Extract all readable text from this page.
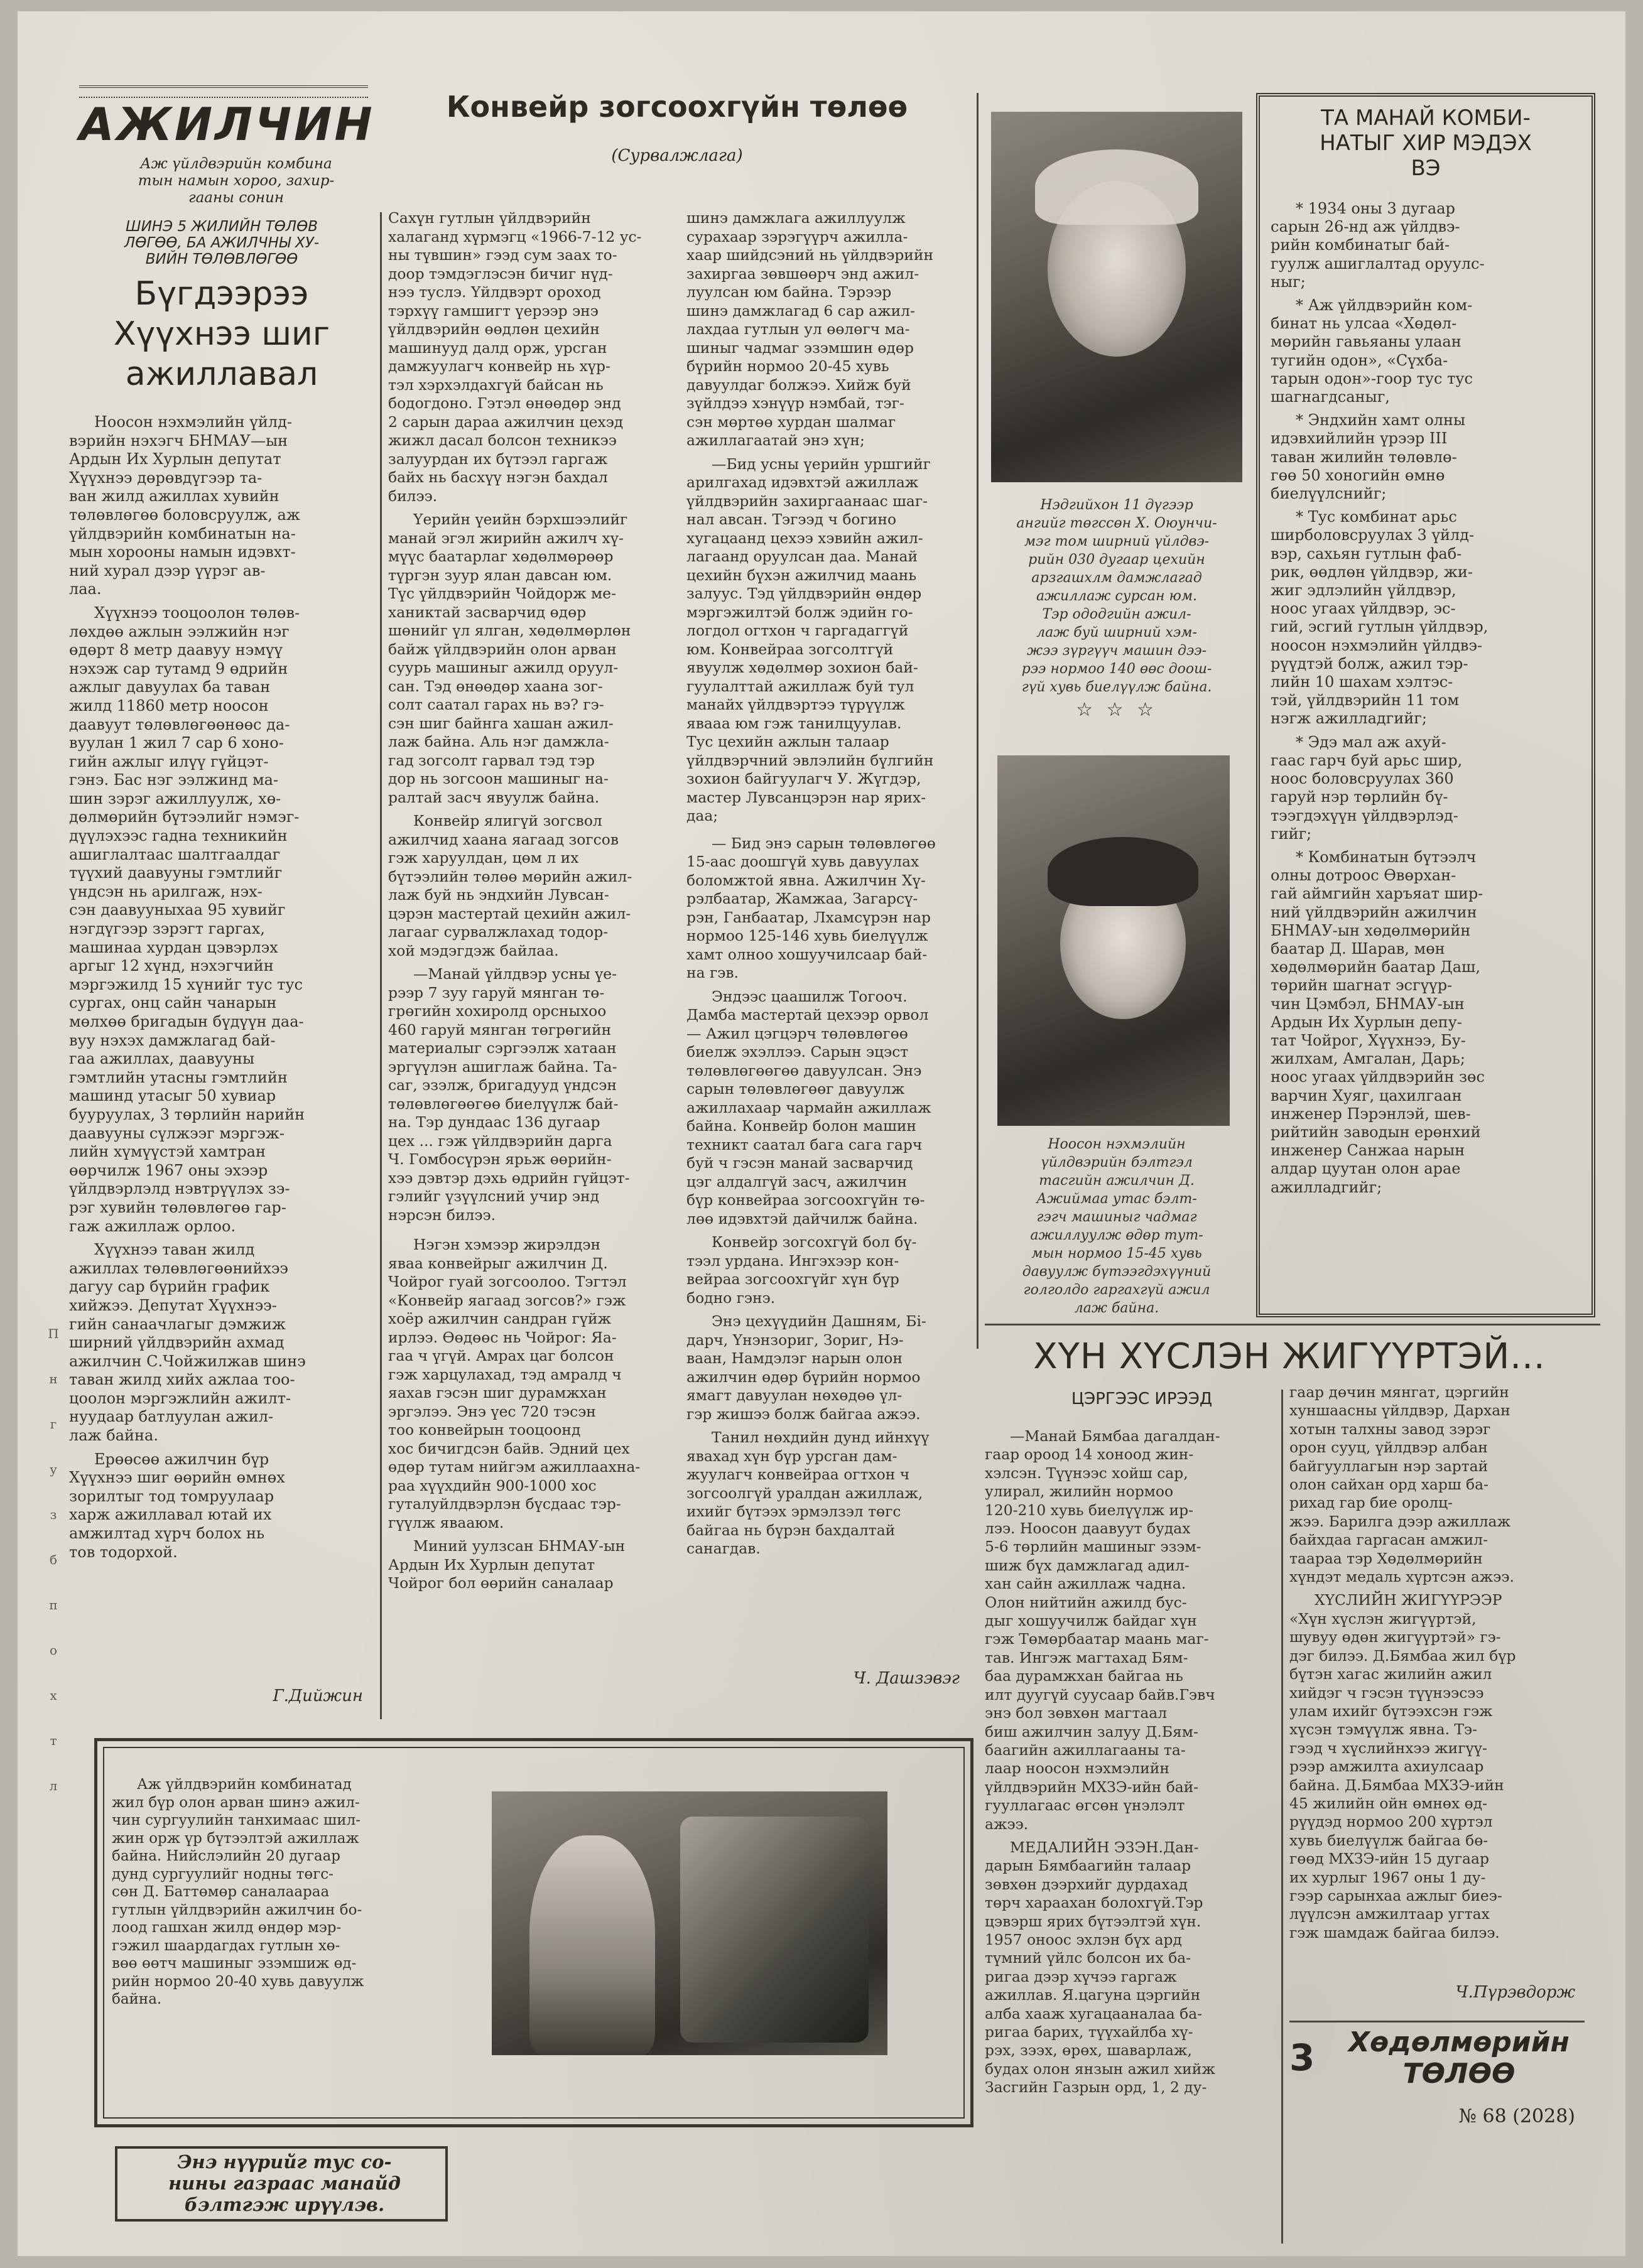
АЖИЛЧИН
Аж үйлдвэрийн комбина
тын намын хороо, захир-
гааны сонин
ШИНЭ 5 ЖИЛИЙН ТӨЛӨВ
ЛӨГӨӨ, БА АЖИЛЧНЫ ХУ-
ВИЙН ТӨЛӨВЛӨГӨӨ
Бүгдээрээ
Хүүхнээ шиг
ажиллавал

Ноосон нэхмэлийн үйлд-
вэрийн нэхэгч БНМАУ—ын
Ардын Их Хурлын депутат
Хүүхнээ дөрөвдүгээр та-
ван жилд ажиллах хувийн
төлөвлөгөө боловсруулж, аж
үйлдвэрийн комбинатын на-
мын хорооны намын идэвхт-
ний хурал дээр үүрэг ав-
лаа.

Хүүхнээ тооцоолон төлөв-
лөхдөө ажлын ээлжийн нэг
өдөрт 8 метр даавуу нэмүү
нэхэж сар тутамд 9 өдрийн
ажлыг давуулах ба таван
жилд 11860 метр ноосон
даавуут төлөвлөгөөнөөс да-
вуулан 1 жил 7 сар 6 хоно-
гийн ажлыг илүү гүйцэт-
гэнэ. Бас нэг ээлжинд ма-
шин зэрэг ажиллуулж, хө-
дөлмөрийн бүтээлийг нэмэг-
дүүлэхээс гадна техникийн
ашиглалтаас шалтгаалдаг
түүхий даавууны гэмтлийг
үндсэн нь арилгаж, нэх-
сэн даавууныхаа 95 хувийг
нэгдүгээр зэрэгт гаргах,
машинаа хурдан цэвэрлэх
аргыг 12 хүнд, нэхэгчийн
мэргэжилд 15 хүнийг тус тус
сургах, онц сайн чанарын
мөлхөө бригадын бүдүүн даа-
вуу нэхэх дамжлагад бай-
гаа ажиллах, даавууны
гэмтлийн утасны гэмтлийн
машинд утасыг 50 хувиар
бууруулах, 3 төрлийн нарийн
даавууны сүлжээг мэргэж-
лийн хүмүүстэй хамтран
өөрчилж 1967 оны эхээр
үйлдвэрлэлд нэвтрүүлэх зэ-
рэг хувийн төлөвлөгөө гар-
гаж ажиллаж орлоо.

Хүүхнээ таван жилд
ажиллах төлөвлөгөөнийхээ
дагуу сар бүрийн график
хийжээ. Депутат Хүүхнээ-
гийн санаачлагыг дэмжиж
ширний үйлдвэрийн ахмад
ажилчин С.Чойжилжав шинэ
таван жилд хийх ажлаа тоо-
цоолон мэргэжлийн ажилт-
нуудаар батлуулан ажил-
лаж байна.

Ерөөсөө ажилчин бүр
Хүүхнээ шиг өөрийн өмнөх
зорилтыг тод томруулаар
харж ажиллавал ютай их
амжилтад хүрч болох нь
тов тодорхой.

Г.Дийжин
П
н
г
у
з
б
п
о
х
т
л
Конвейр зогсоохгүйн төлөө
(Сурвалжлага)

Сахүн гутлын үйлдвэрийн
халаганд хүрмэгц «1966-7-12 ус-
ны түвшин» гээд сум заах то-
доор тэмдэглэсэн бичиг нүд-
нээ туслэ. Үйлдвэрт ороход
тэрхүү гамшигт үерээр энэ
үйлдвэрийн өөдлөн цехийн
машинууд далд орж, урсган
дамжуулагч конвейр нь хүр-
тэл хэрхэлдахгүй байсан нь
бодогдоно. Гэтэл өнөөдөр энд
2 сарын дараа ажилчин цехэд
жижл дасал болсон техникээ
залуурдан их бүтээл гаргаж
байх нь басхүү нэгэн бахдал
билээ.

Үерийн үеийн бэрхшээлийг
манай эгэл жирийн ажилч хү-
мүүс баатарлаг хөдөлмөрөөр
түргэн зуур ялан давсан юм.
Түс үйлдвэрийн Чойдорж ме-
ханиктай засварчид өдөр
шөнийг үл ялган, хөдөлмөрлөн
байж үйлдвэрийн олон арван
суурь машиныг ажилд оруул-
сан. Тэд өнөөдөр хаана зог-
солт саатал гарах нь вэ? гэ-
сэн шиг байнга хашан ажил-
лаж байна. Аль нэг дамжла-
гад зогсолт гарвал тэд тэр
дор нь зогсоон машиныг на-
ралтай засч явуулж байна.

Конвейр ялигүй зогсвол
ажилчид хаана яагаад зогсов
гэж харуулдан, цөм л их
бүтээлийн төлөө мөрийн ажил-
лаж буй нь эндхийн Лувсан-
цэрэн мастертай цехийн ажил-
лагааг сурвалжлахад тодор-
хой мэдэгдэж байлаа.

—Манай үйлдвэр усны үе-
рээр 7 зуу гаруй мянган тө-
грөгийн хохиролд орсныхоо
460 гаруй мянган төгрөгийн
материалыг сэргээлж хатаан
эргүүлэн ашиглаж байна. Та-
саг, эзэлж, бригадууд үндсэн
төлөвлөгөөгөө биелүүлж бай-
на. Тэр дундаас 136 дугаар
цех ... гэж үйлдвэрийн дарга
Ч. Гомбосүрэн ярьж өөрийн-
хээ дэвтэр дэхь өдрийн гүйцэт-
гэлийг үзүүлсний учир энд
нэрсэн билээ.

Нэгэн хэмээр жирэлдэн
яваа конвейрыг ажилчин Д.
Чойрог гуай зогсоолоо. Тэгтэл
«Конвейр яагаад зогсов?» гэж
хоёр ажилчин сандран гүйж
ирлээ. Өөдөөс нь Чойрог: Яа-
гаа ч үгүй. Амрах цаг болсон
гэж харцулахад, тэд амралд ч
яахав гэсэн шиг дурамжхан
эргэлээ. Энэ үес 720 тэсэн
тоо конвейрын тооцоонд
хос бичигдсэн байв. Эдний цех
өдөр тутам нийгэм ажиллаахна-
раа хүүхдийн 900-1000 хос
гуталуйлдвэрлэн бүсдаас тэр-
гүүлж явааюм.

Миний уулзсан БНМАУ-ын
Ардын Их Хурлын депутат
Чойрог бол өөрийн саналаар

шинэ дамжлага ажиллуулж
сурахаар зэрэгүүрч ажилла-
хаар шийдсэний нь үйлдвэрийн
захиргаа зөвшөөрч энд ажил-
луулсан юм байна. Тэрээр
шинэ дамжлагад 6 сар ажил-
лахдаа гутлын ул өөлөгч ма-
шиныг чадмаг эзэмшин өдөр
бүрийн нормоо 20-45 хувь
давуулдаг болжээ. Хийж буй
зүйлдээ хэнүүр нэмбай, тэг-
сэн мөртөө хурдан шалмаг
ажиллагаатай энэ хүн;

—Бид усны үерийн уршгийг
арилгахад идэвхтэй ажиллаж
үйлдвэрийн захиргаанаас шаг-
нал авсан. Тэгээд ч богино
хугацаанд цехээ хэвийн ажил-
лагаанд оруулсан даа. Манай
цехийн бүхэн ажилчид маань
залуус. Тэд үйлдвэрийн өндөр
мэргэжилтэй болж эдийн го-
логдол огтхон ч гаргадаггүй
юм. Конвейраа зогсолтгүй
явуулж хөдөлмөр зохион бай-
гуулалттай ажиллаж буй тул
манайх үйлдвэртээ түрүүлж
явааа юм гэж танилцуулав.
Тус цехийн ажлын талаар
үйлдвэрчний эвлэлийн бүлгийн
зохион байгуулагч У. Жүгдэр,
мастер Лувсанцэрэн нар ярих-
даа;

— Бид энэ сарын төлөвлөгөө
15-аас доошгүй хувь давуулах
боломжтой явна. Ажилчин Хү-
рэлбаатар, Жамжаа, Загарсү-
рэн, Ганбаатар, Лхамсүрэн нар
нормоо 125-146 хувь биелүүлж
хамт олноо хошуучилсаар бай-
на гэв.

Эндээс цаашилж Тогооч.
Дамба мастертай цехээр орвол
— Ажил цэгцэрч төлөвлөгөө
биелж эхэллээ. Сарын эцэст
төлөвлөгөөгөө давуулсан. Энэ
сарын төлөвлөгөөг давуулж
ажиллахаар чармайн ажиллаж
байна. Конвейр болон машин
техникт саатал бага сага гарч
буй ч гэсэн манай засварчид
цэг алдалгүй засч, ажилчин
бүр конвейраа зогсоохгүйн тө-
лөө идэвхтэй дайчилж байна.

Конвейр зогсохгүй бол бү-
тээл урдана. Ингэхээр кон-
вейраа зогсоохгүйг хүн бүр
бодно гэнэ.

Энэ цехүүдийн Дашням, Бі-
дарч, Үнэнзориг, Зориг, Нэ-
ваан, Намдэлэг нарын олон
ажилчин өдөр бүрийн нормоо
ямагт давуулан нөхөдөө үл-
гэр жишээ болж байгаа ажээ.

Танил нөхдийн дунд ийнхүү
явахад хүн бүр урсган дам-
жуулагч конвейраа огтхон ч
зогсоолгүй уралдан ажиллаж,
ихийг бүтээх эрмэлзэл төгс
байгаа нь бүрэн бахдалтай
санагдав.

Ч. Дашзэвэг
Нэдгийхон 11 дүгээр
ангийг төгссөн Х. Оюунчи-
мэг том ширний үйлдвэ-
рийн 030 дугаар цехийн
арзгашхлм дамжлагад
ажиллаж сурсан юм.
Тэр ододгийн ажил-
лаж буй ширний хэм-
жээ зүргүүч машин дээ-
рээ нормоо 140 өөс доош-
гүй хувь биелүүлж байна.
☆ ☆ ☆
Ноосон нэхмэлийн
үйлдвэрийн бэлтгэл
тасгийн ажилчин Д.
Ажиймаа утас бэлт-
гэгч машиныг чадмаг
ажиллуулж өдөр тут-
мын нормоо 15-45 хувь
давуулж бүтээгдэхүүний
голголдо гаргахгүй ажил
лаж байна.
ТА МАНАЙ КОМБИ-
НАТЫГ ХИР МЭДЭХ
ВЭ

* 1934 оны 3 дугаар
сарын 26-нд аж үйлдвэ-
рийн комбинатыг бай-
гуулж ашиглалтад оруулс-
ныг;

* Аж үйлдвэрийн ком-
бинат нь улсаа «Хөдөл-
мөрийн гавьяаны улаан
тугийн одон», «Сүхба-
тарын одон»-гоор тус тус
шагнагдсаныг,

* Эндхийн хамт олны
идэвхийлийн үрээр III
таван жилийн төлөвлө-
гөө 50 хоногийн өмнө
биелүүлснийг;

* Тус комбинат арьс
ширболовсруулах 3 үйлд-
вэр, сахьян гутлын фаб-
рик, өөдлөн үйлдвэр, жи-
жиг эдлэлийн үйлдвэр,
ноос угаах үйлдвэр, эс-
гий, эсгий гутлын үйлдвэр,
ноосон нэхмэлийн үйлдвэ-
рүүдтэй болж, ажил тэр-
лийн 10 шахам хэлтэс-
тэй, үйлдвэрийн 11 том
нэгж ажилладгийг;

* Эдэ мал аж ахуй-
гаас гарч буй арьс шир,
ноос боловсруулах 360
гаруй нэр төрлийн бү-
тээгдэхүүн үйлдвэрлэд-
гийг;

* Комбинатын бүтээлч
олны дотроос Өвөрхан-
гай аймгийн харъяат шир-
ний үйлдвэрийн ажилчин
БНМАУ-ын хөдөлмөрийн
баатар Д. Шарав, мөн
хөдөлмөрийн баатар Даш,
төрийн шагнат эсгүүр-
чин Цэмбэл, БНМАУ-ын
Ардын Их Хурлын депу-
тат Чойрог, Хүүхнээ, Бу-
жилхам, Амгалан, Дарь;
ноос угаах үйлдвэрийн зөс
варчин Хуяг, цахилгаан
инженер Пэрэнлэй, шев-
рийтийн заводын ерөнхий
инженер Санжаа нарын
алдар цуутан олон арае
ажилладгийг;

ХҮН ХҮСЛЭН ЖИГҮҮРТЭЙ...
ЦЭРГЭЭС ИРЭЭД

—Манай Бямбаа дагалдан-
гаар ороод 14 хоноод жин-
хэлсэн. Түүнээс хойш сар,
улирал, жилийн нормоо
120-210 хувь биелүүлж ир-
лээ. Ноосон даавуут будах
5-6 төрлийн машиныг эзэм-
шиж бүх дамжлагад адил-
хан сайн ажиллаж чадна.
Олон нийтийн ажилд бус-
дыг хошуучилж байдаг хүн
гэж Төмөрбаатар маань маг-
тав. Ингэж магтахад Бям-
баа дурамжхан байгаа нь
илт дуугүй суусаар байв.Гэвч
энэ бол зөвхөн магтаал
биш ажилчин залуу Д.Бям-
баагийн ажиллагааны та-
лаар ноосон нэхмэлийн
үйлдвэрийн МХЗЭ-ийн бай-
гууллагаас өгсөн үнэлэлт
ажээ.

МЕДАЛИЙН ЭЗЭН.Дан-
дарын Бямбаагийн талаар
зөвхөн дээрхийг дурдахад
төрч хараахан болохгүй.Тэр
цэвэрш ярих бүтээлтэй хүн.
1957 оноос эхлэн бүх ард
түмний үйлс болсон их ба-
ригаа дээр хүчээ гаргаж
ажиллав. Я.цагуна цэргийн
алба хааж хугацааналаа ба-
ригаа барих, түүхайлба хү-
рэх, зээх, өрөх, шаварлаж,
будах олон янзын ажил хийж
Засгийн Газрын орд, 1, 2 ду-

гаар дөчин мянгат, цэргийн
хуншаасны үйлдвэр, Дархан
хотын талхны завод зэрэг
орон сууц, үйлдвэр албан
байгууллагын нэр зартай
олон сайхан орд харш ба-
рихад гар бие оролц-
жээ. Барилга дээр ажиллаж
байхдаа гаргасан амжил-
таараа тэр Хөдөлмөрийн
хүндэт медаль хүртсэн ажээ.

ХҮСЛИЙН ЖИГҮҮРЭЭР
«Хүн хүслэн жигүүртэй,
шувуу өдөн жигүүртэй» гэ-
дэг билээ. Д.Бямбаа жил бүр
бүтэн хагас жилийн ажил
хийдэг ч гэсэн түүнээсээ
улам ихийг бүтээхсэн гэж
хүсэн тэмүүлж явна. Тэ-
гээд ч хүслийнхээ жигүү-
рээр амжилта ахиулсаар
байна. Д.Бямбаа МХЗЭ-ийн
45 жилийн ойн өмнөх өд-
рүүдэд нормоо 200 хүртэл
хувь биелүүлж байгаа бө-
гөөд МХЗЭ-ийн 15 дугаар
их хурлыг 1967 оны 1 ду-
гээр сарынхаа ажлыг биеэ-
лүүлсэн амжилтаар угтах
гэж шамдаж байгаа билээ.

Ч.Пүрэвдорж
3	Хөдөлмөрийн
ТӨЛӨӨ
№ 68 (2028)

Аж үйлдвэрийн комбинатад
жил бүр олон арван шинэ ажил-
чин сургуулийн танхимаас шил-
жин орж үр бүтээлтэй ажиллаж
байна. Нийслэлийн 20 дугаар
дунд сургуулийг нодны төгс-
сөн Д. Баттөмөр саналаараа
гутлын үйлдвэрийн ажилчин бо-
лоод гашхан жилд өндөр мэр-
гэжил шаардагдах гутлын хө-
вөө өөтч машиныг эзэмшиж өд-
рийн нормоо 20-40 хувь давуулж
байна.

Энэ нүүрийг тус со-
нины газраас манайд
бэлтгэж ирүүлэв.
